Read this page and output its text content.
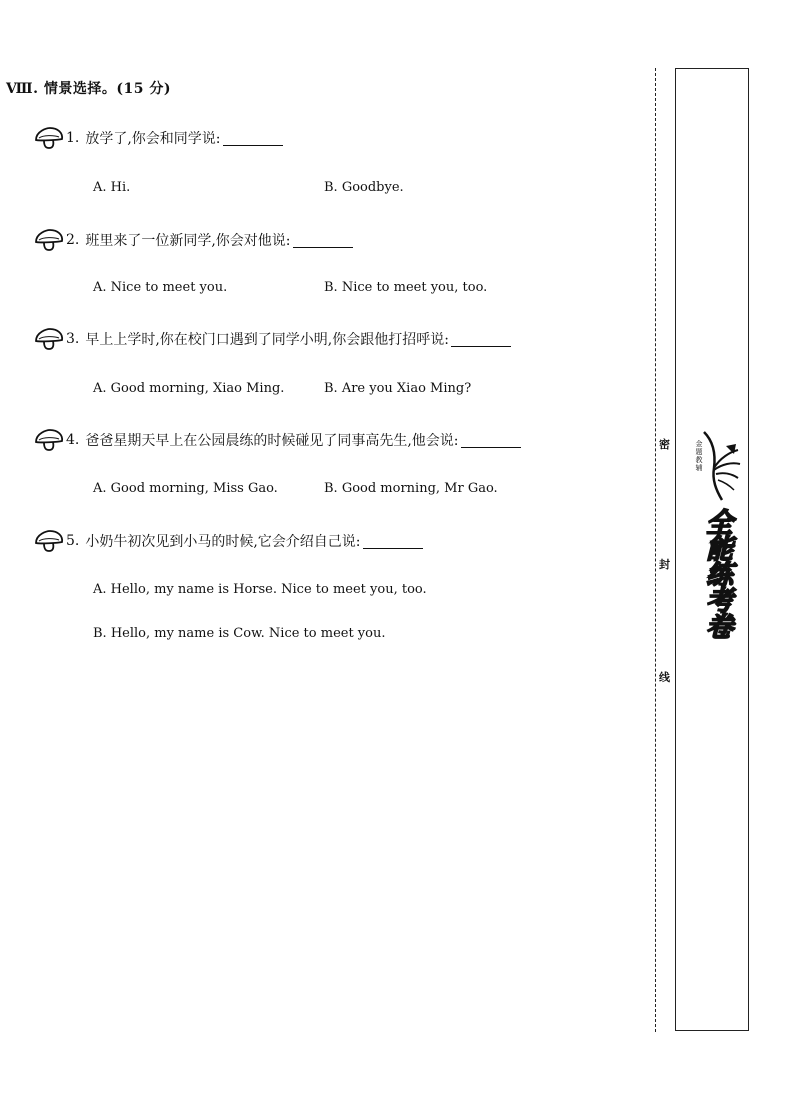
Ⅷ. 情景选择。(15 分)
1. 放学了,你会和同学说:
A. Hi.	B. Goodbye.
2. 班里来了一位新同学,你会对他说:
A. Nice to meet you.	B. Nice to meet you, too.
3. 早上上学时,你在校门口遇到了同学小明,你会跟他打招呼说:
A. Good morning, Xiao Ming.	B. Are you Xiao Ming?
4. 爸爸星期天早上在公园晨练的时候碰见了同事高先生,他会说:
A. Good morning, Miss Gao.	B. Good morning, Mr Gao.
5. 小奶牛初次见到小马的时候,它会介绍自己说:
A. Hello, my name is Horse. Nice to meet you, too.
B. Hello, my name is Cow. Nice to meet you.
密
封
线
金题教辅
全能练考卷
